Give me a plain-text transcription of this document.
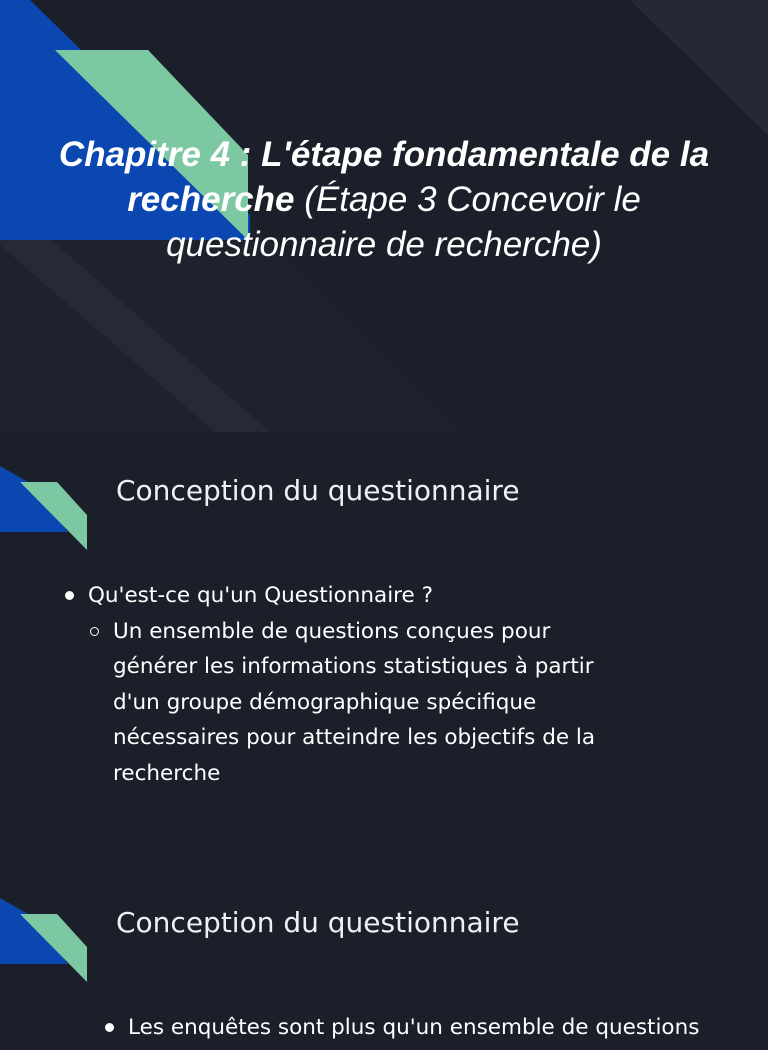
Chapitre 4 : L'étape fondamentale de la recherche (Étape 3 Concevoir le questionnaire de recherche)
Conception du questionnaire
Qu'est-ce qu'un Questionnaire ?
Un ensemble de questions conçues pour
générer les informations statistiques à partir
d'un groupe démographique spécifique
nécessaires pour atteindre les objectifs de la
recherche
Conception du questionnaire
Les enquêtes sont plus qu'un ensemble de questions
